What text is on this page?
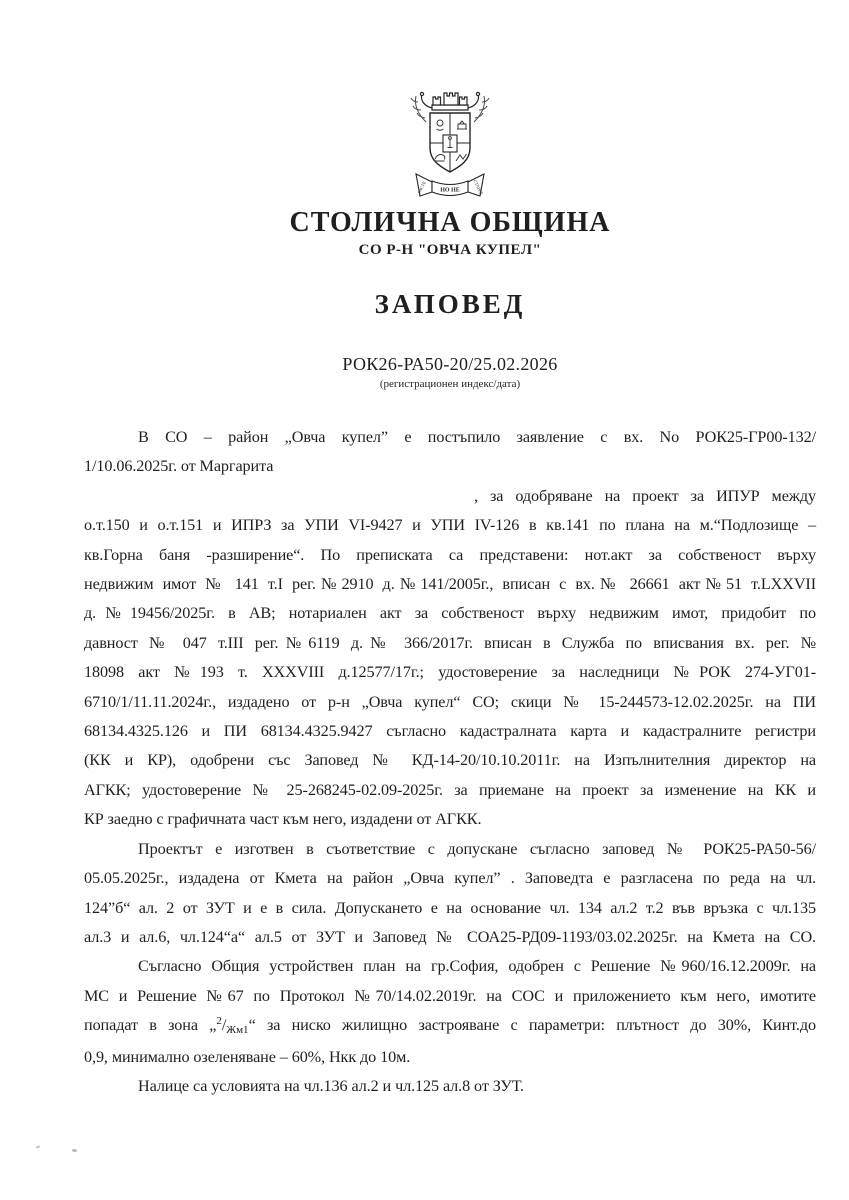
НО НЕ
РАСТЕ	СТАРЕЕ
СТОЛИЧНА ОБЩИНА
СО Р-Н "ОВЧА КУПЕЛ"
ЗАПОВЕД
РОК26-РА50-20/25.02.2026
(регистрационен индекс/дата)
В СО – район „Овча купел” е постъпило заявление с вх. No РОК25-ГР00-132/
1/10.06.2025г. от Маргарита
, за одобряване на проект за ИПУР между
о.т.150 и о.т.151 и ИПРЗ за УПИ VI-9427 и УПИ IV-126 в кв.141 по плана на м.“Подлозище –
кв.Горна баня -разширение“. По преписката са представени: нот.акт за собственост върху
недвижим имот № 141 т.I рег.№2910 д.№141/2005г., вписан с вх.№ 26661 акт№51 т.LXXVII
д.№19456/2025г. в АВ; нотариален акт за собственост върху недвижим имот, придобит по
давност № 047 т.III рег.№6119 д.№ 366/2017г. вписан в Служба по вписвания вх. рег. №
18098 акт №193 т. XXXVIII д.12577/17г.; удостоверение за наследници №РОК 274-УГ01-
6710/1/11.11.2024г., издадено от р-н „Овча купел“ СО; скици № 15-244573-12.02.2025г. на ПИ
68134.4325.126 и ПИ 68134.4325.9427 съгласно кадастралната карта и кадастралните регистри
(КК и КР), одобрени със Заповед № КД-14-20/10.10.2011г. на Изпълнителния директор на
АГКК; удостоверение № 25-268245-02.09-2025г. за приемане на проект за изменение на КК и
КР заедно с графичната част към него, издадени от АГКК.
Проектът е изготвен в съответствие с допускане съгласно заповед № РОК25-РА50-56/
05.05.2025г., издадена от Кмета на район „Овча купел” . Заповедта е разгласена по реда на чл.
124”б“ ал. 2 от ЗУТ и е в сила. Допускането е на основание чл. 134 ал.2 т.2 във връзка с чл.135
ал.3 и ал.6, чл.124“а“ ал.5 от ЗУТ и Заповед № СОА25-РД09-1193/03.02.2025г. на Кмета на СО.
Съгласно Общия устройствен план на гр.София, одобрен с Решение №960/16.12.2009г. на
МС и Решение №67 по Протокол №70/14.02.2019г. на СОС и приложението към него, имотите
попадат в зона „$^2$/Жм1“ за ниско жилищно застрояване с параметри: плътност до 30%, Кинт.до
0,9, минимално озеленяване – 60%, Нкк до 10м.
Налице са условията на чл.136 ал.2 и чл.125 ал.8 от ЗУТ.
